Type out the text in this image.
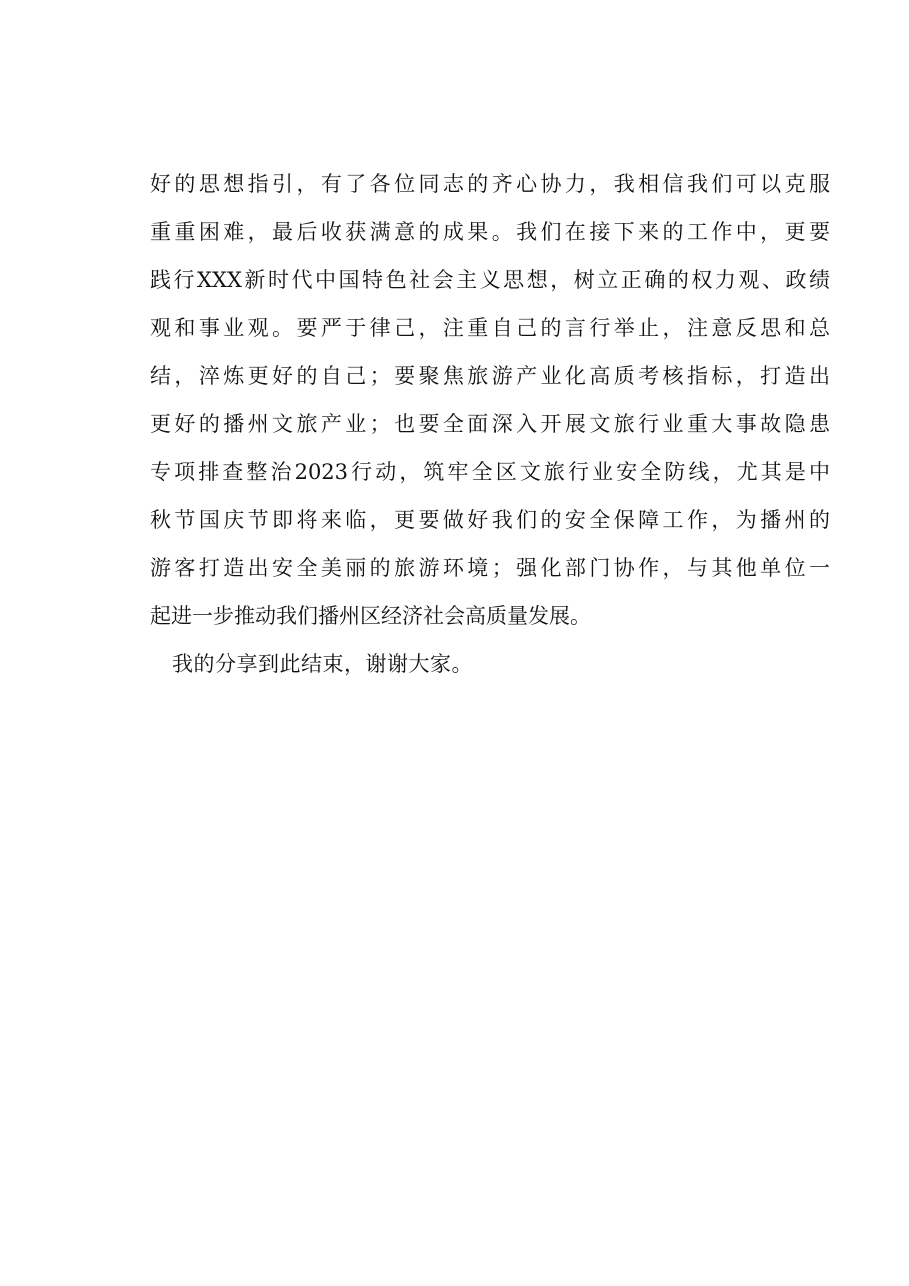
好的思想指引，有了各位同志的齐心协力，我相信我们可以克服
重重困难，最后收获满意的成果。我们在接下来的工作中，更要
践行XXX新时代中国特色社会主义思想，树立正确的权力观、政绩
观和事业观。要严于律己，注重自己的言行举止，注意反思和总
结，淬炼更好的自己；要聚焦旅游产业化高质考核指标，打造出
更好的播州文旅产业；也要全面深入开展文旅行业重大事故隐患
专项排查整治2023行动，筑牢全区文旅行业安全防线，尤其是中
秋节国庆节即将来临，更要做好我们的安全保障工作，为播州的
游客打造出安全美丽的旅游环境；强化部门协作，与其他单位一
起进一步推动我们播州区经济社会高质量发展。
我的分享到此结束，谢谢大家。
